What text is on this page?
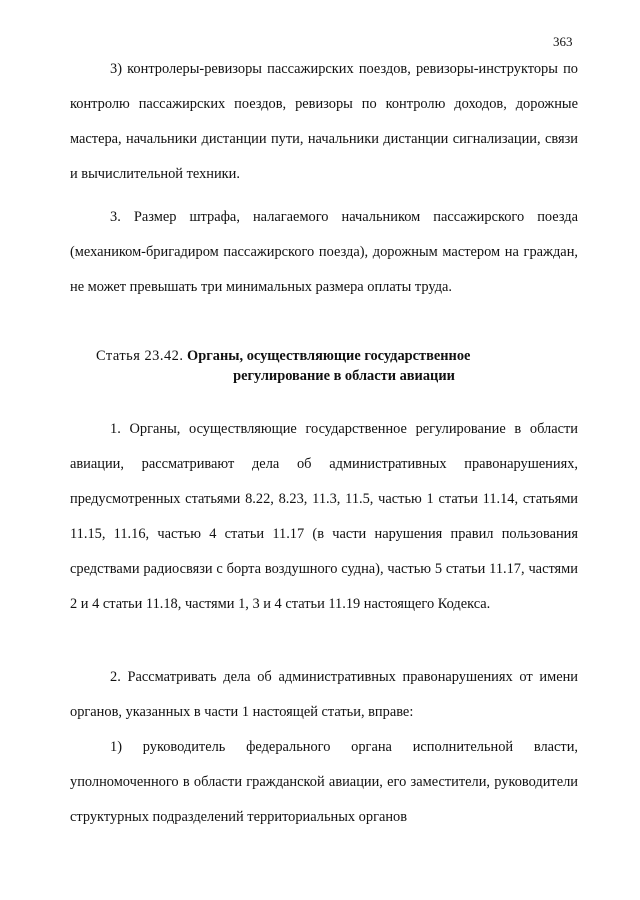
363

3) контролеры-ревизоры пассажирских поездов, ревизоры-инструкторы по контролю пассажирских поездов, ревизоры по контролю доходов, дорожные мастера, начальники дистанции пути, начальники дистанции сигнализации, связи и вычислительной техники.

3. Размер штрафа, налагаемого начальником пассажирского поезда (механиком-бригадиром пассажирского поезда), дорожным мастером на граждан, не может превышать три минимальных размера оплаты труда.

Статья 23.42. Органы, осуществляющие государственное
регулирование в области авиации

1. Органы, осуществляющие государственное регулирование в области авиации, рассматривают дела об административных правонарушениях, предусмотренных статьями 8.22, 8.23, 11.3, 11.5, частью 1 статьи 11.14, статьями 11.15, 11.16, частью 4 статьи 11.17 (в части нарушения правил пользования средствами радиосвязи с борта воздушного судна), частью 5 статьи 11.17, частями 2 и 4 статьи 11.18, частями 1, 3 и 4 статьи 11.19 настоящего Кодекса.

2. Рассматривать дела об административных правонарушениях от имени органов, указанных в части 1 настоящей статьи, вправе:

1) руководитель федерального органа исполнительной власти, уполномоченного в области гражданской авиации, его заместители, руководители структурных подразделений территориальных органов
